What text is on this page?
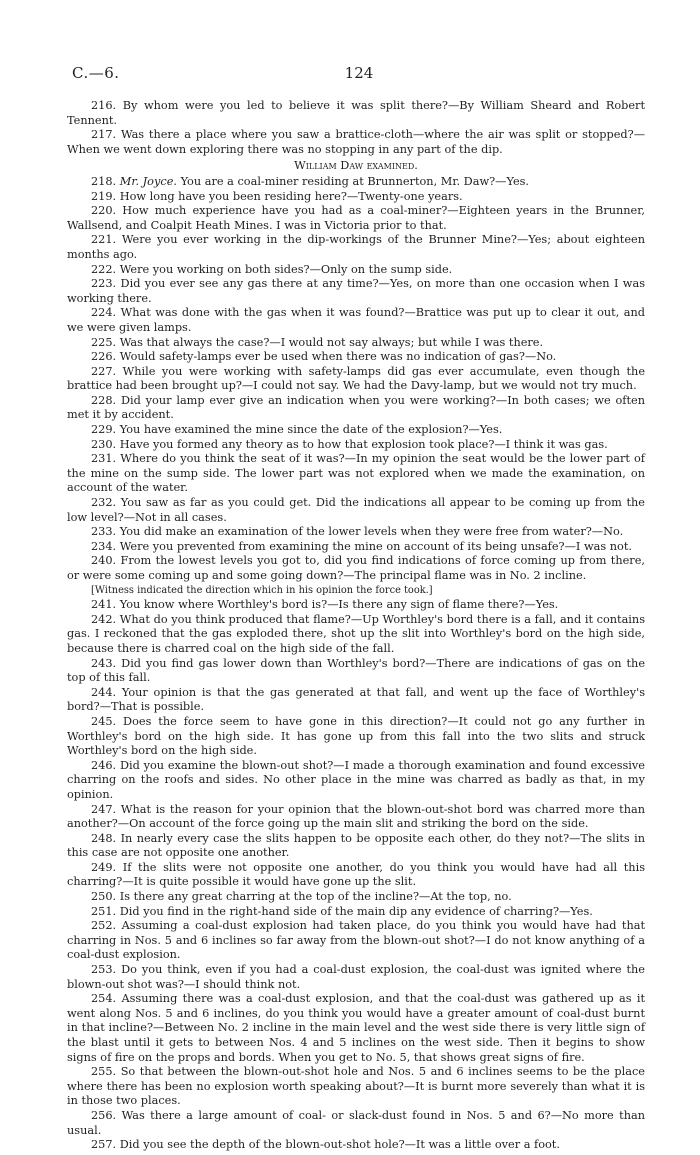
C.—6.	124

216. By whom were you led to believe it was split there?—By William Sheard and Robert Tennent.

217. Was there a place where you saw a brattice-cloth—where the air was split or stopped?—When we went down exploring there was no stopping in any part of the dip.

William Daw examined.

218. Mr. Joyce. You are a coal-miner residing at Brunnerton, Mr. Daw?—Yes.

219. How long have you been residing here?—Twenty-one years.

220. How much experience have you had as a coal-miner?—Eighteen years in the Brunner, Wallsend, and Coalpit Heath Mines. I was in Victoria prior to that.

221. Were you ever working in the dip-workings of the Brunner Mine?—Yes; about eighteen months ago.

222. Were you working on both sides?—Only on the sump side.

223. Did you ever see any gas there at any time?—Yes, on more than one occasion when I was working there.

224. What was done with the gas when it was found?—Brattice was put up to clear it out, and we were given lamps.

225. Was that always the case?—I would not say always; but while I was there.

226. Would safety-lamps ever be used when there was no indication of gas?—No.

227. While you were working with safety-lamps did gas ever accumulate, even though the brattice had been brought up?—I could not say. We had the Davy-lamp, but we would not try much.

228. Did your lamp ever give an indication when you were working?—In both cases; we often met it by accident.

229. You have examined the mine since the date of the explosion?—Yes.

230. Have you formed any theory as to how that explosion took place?—I think it was gas.

231. Where do you think the seat of it was?—In my opinion the seat would be the lower part of the mine on the sump side. The lower part was not explored when we made the examination, on account of the water.

232. You saw as far as you could get. Did the indications all appear to be coming up from the low level?—Not in all cases.

233. You did make an examination of the lower levels when they were free from water?—No.

234. Were you prevented from examining the mine on account of its being unsafe?—I was not.

240. From the lowest levels you got to, did you find indications of force coming up from there, or were some coming up and some going down?—The principal flame was in No. 2 incline.

[Witness indicated the direction which in his opinion the force took.]

241. You know where Worthley's bord is?—Is there any sign of flame there?—Yes.

242. What do you think produced that flame?—Up Worthley's bord there is a fall, and it contains gas. I reckoned that the gas exploded there, shot up the slit into Worthley's bord on the high side, because there is charred coal on the high side of the fall.

243. Did you find gas lower down than Worthley's bord?—There are indications of gas on the top of this fall.

244. Your opinion is that the gas generated at that fall, and went up the face of Worthley's bord?—That is possible.

245. Does the force seem to have gone in this direction?—It could not go any further in Worthley's bord on the high side. It has gone up from this fall into the two slits and struck Worthley's bord on the high side.

246. Did you examine the blown-out shot?—I made a thorough examination and found excessive charring on the roofs and sides. No other place in the mine was charred as badly as that, in my opinion.

247. What is the reason for your opinion that the blown-out-shot bord was charred more than another?—On account of the force going up the main slit and striking the bord on the side.

248. In nearly every case the slits happen to be opposite each other, do they not?—The slits in this case are not opposite one another.

249. If the slits were not opposite one another, do you think you would have had all this charring?—It is quite possible it would have gone up the slit.

250. Is there any great charring at the top of the incline?—At the top, no.

251. Did you find in the right-hand side of the main dip any evidence of charring?—Yes.

252. Assuming a coal-dust explosion had taken place, do you think you would have had that charring in Nos. 5 and 6 inclines so far away from the blown-out shot?—I do not know anything of a coal-dust explosion.

253. Do you think, even if you had a coal-dust explosion, the coal-dust was ignited where the blown-out shot was?—I should think not.

254. Assuming there was a coal-dust explosion, and that the coal-dust was gathered up as it went along Nos. 5 and 6 inclines, do you think you would have a greater amount of coal-dust burnt in that incline?—Between No. 2 incline in the main level and the west side there is very little sign of the blast until it gets to between Nos. 4 and 5 inclines on the west side. Then it begins to show signs of fire on the props and bords. When you get to No. 5, that shows great signs of fire.

255. So that between the blown-out-shot hole and Nos. 5 and 6 inclines seems to be the place where there has been no explosion worth speaking about?—It is burnt more severely than what it is in those two places.

256. Was there a large amount of coal- or slack-dust found in Nos. 5 and 6?—No more than usual.

257. Did you see the depth of the blown-out-shot hole?—It was a little over a foot.
